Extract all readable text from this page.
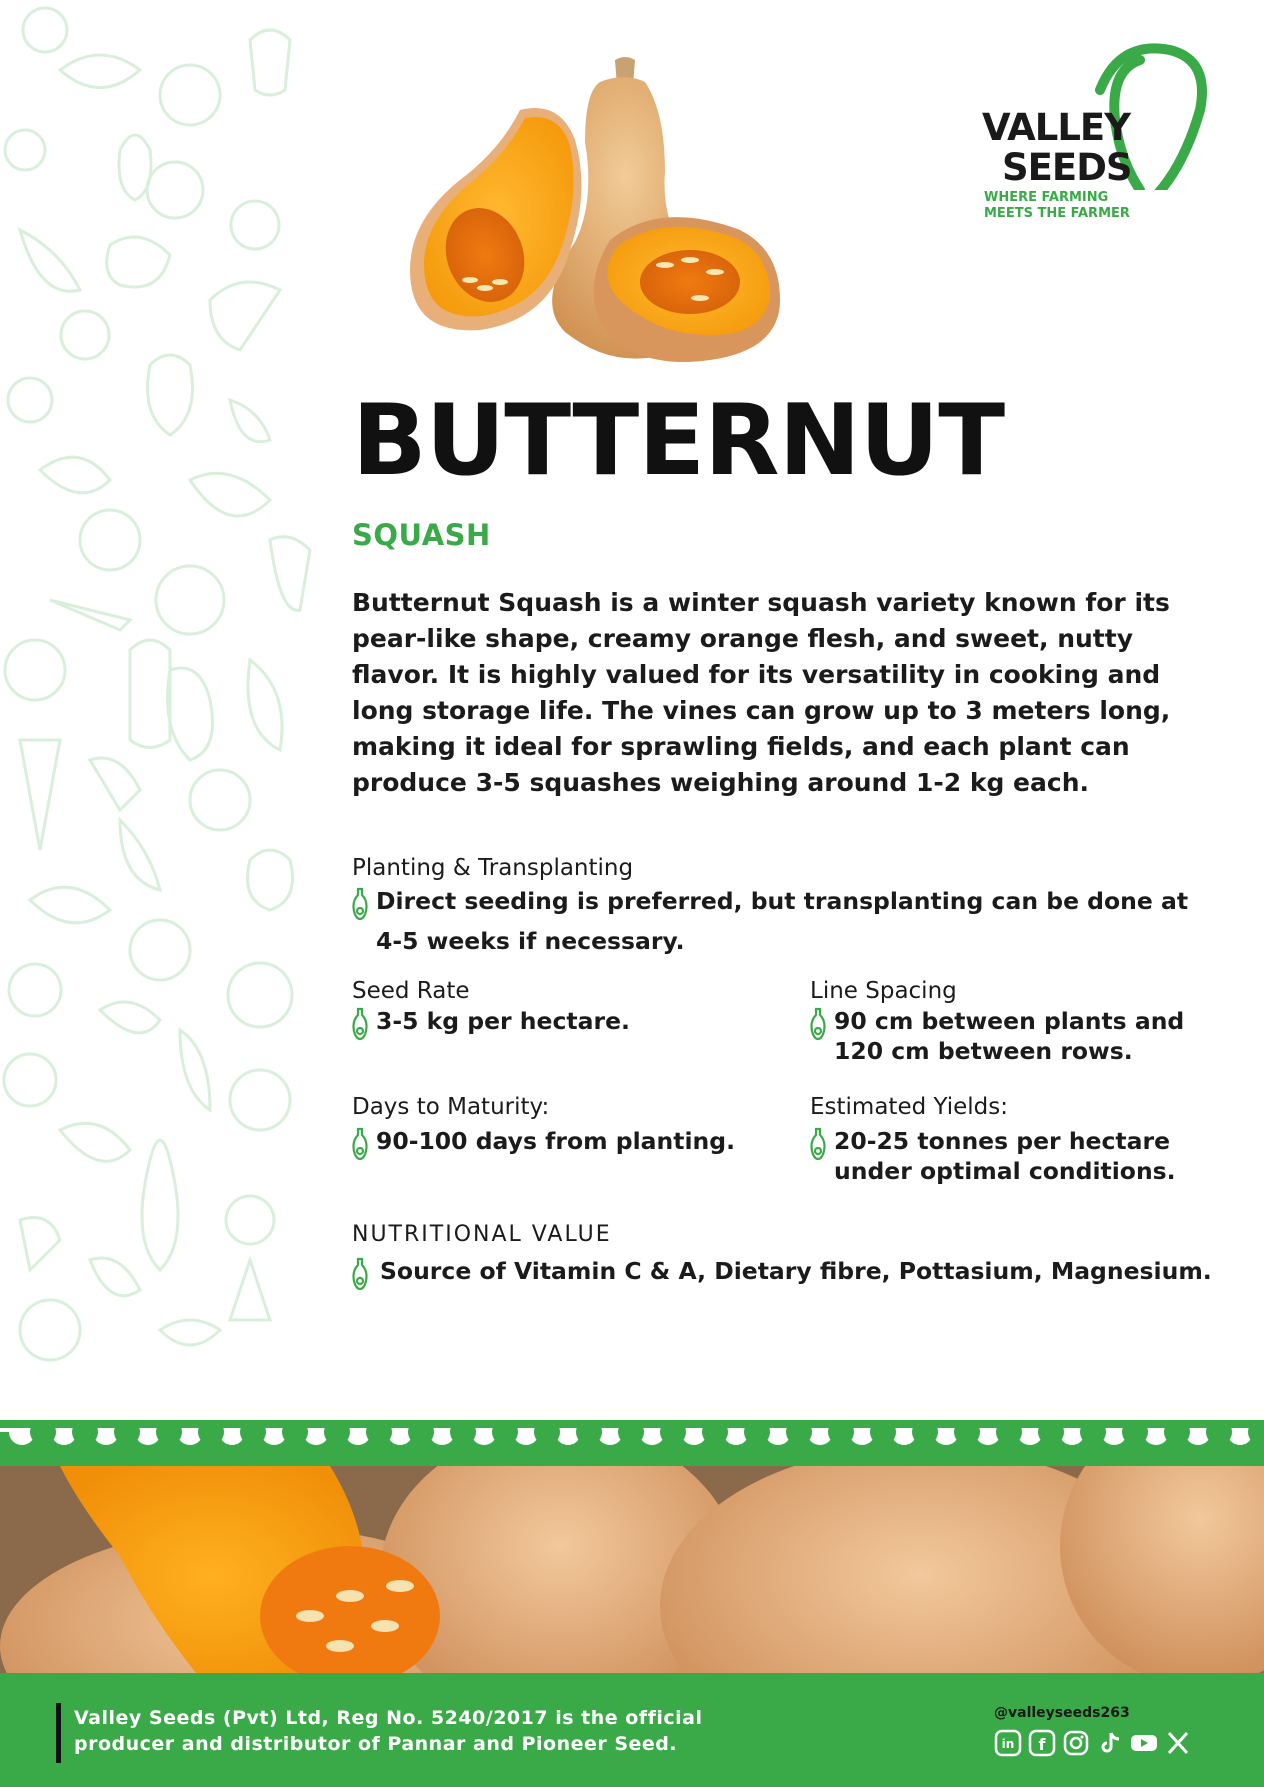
VALLEY
SEEDS
WHERE FARMING
MEETS THE FARMER
BUTTERNUT
SQUASH

Butternut Squash is a winter squash variety known for its pear-like shape, creamy orange flesh, and sweet, nutty flavor. It is highly valued for its versatility in cooking and long storage life. The vines can grow up to 3 meters long, making it ideal for sprawling fields, and each plant can produce 3-5 squashes weighing around 1-2 kg each.

Planting & Transplanting
Direct seeding is preferred, but transplanting can be done at
4-5 weeks if necessary.
Seed Rate
3-5 kg per hectare.
Line Spacing
90 cm between plants and
120 cm between rows.
Days to Maturity:
90-100 days from planting.
Estimated Yields:
20-25 tonnes per hectare
under optimal conditions.
NUTRITIONAL VALUE
Source of Vitamin C & A, Dietary fibre, Pottasium, Magnesium.
Valley Seeds (Pvt) Ltd, Reg No. 5240/2017 is the official
producer and distributor of Pannar and Pioneer Seed.
@valleyseeds263
in f
